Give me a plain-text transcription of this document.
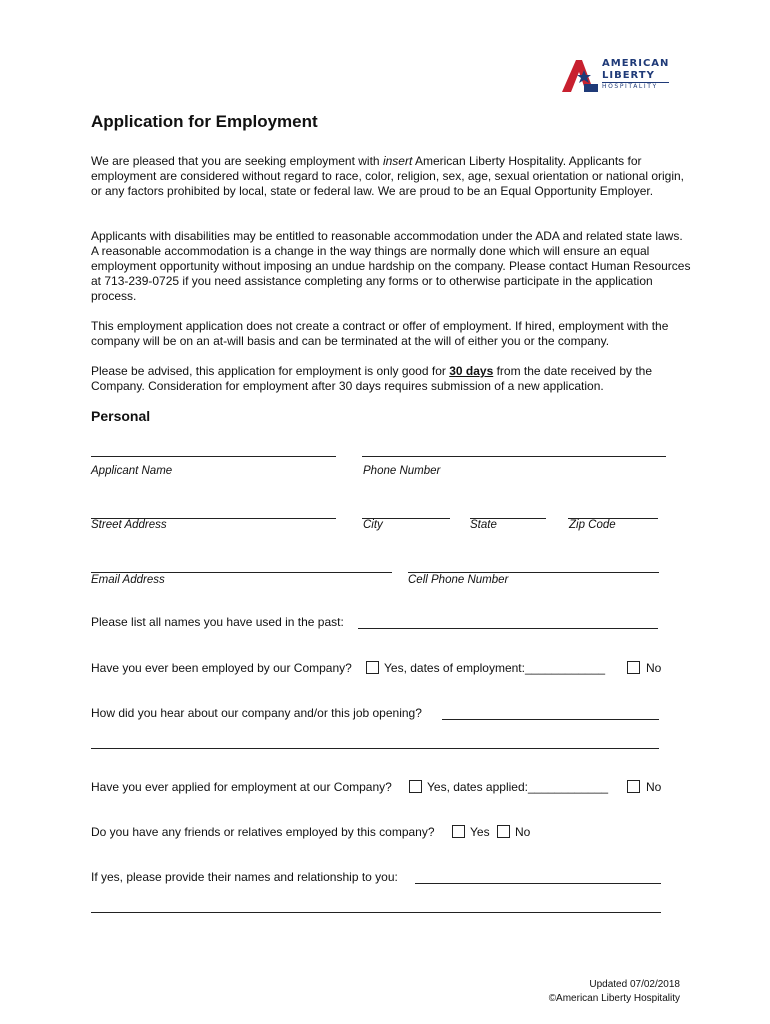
AMERICAN
LIBERTY
HOSPITALITY
Application for Employment
We are pleased that you are seeking employment with insert American Liberty Hospitality. Applicants for employment are considered without regard to race, color, religion, sex, age, sexual orientation or national origin, or any factors prohibited by local, state or federal law. We are proud to be an Equal Opportunity Employer.
Applicants with disabilities may be entitled to reasonable accommodation under the ADA and related state laws. A reasonable accommodation is a change in the way things are normally done which will ensure an equal employment opportunity without imposing an undue hardship on the company. Please contact Human Resources at 713-239-0725 if you need assistance completing any forms or to otherwise participate in the application process.
This employment application does not create a contract or offer of employment. If hired, employment with the company will be on an at-will basis and can be terminated at the will of either you or the company.
Please be advised, this application for employment is only good for 30 days from the date received by the Company. Consideration for employment after 30 days requires submission of a new application.
Personal
Applicant Name	Phone Number
Street Address	City	State	Zip Code
Email Address	Cell Phone Number
Please list all names you have used in the past:
Have you ever been employed by our Company?	Yes, dates of employment:____________	No
How did you hear about our company and/or this job opening?
Have you ever applied for employment at our Company?	Yes, dates applied:____________	No
Do you have any friends or relatives employed by this company?	Yes No
If yes, please provide their names and relationship to you:
Updated 07/02/2018
©American Liberty Hospitality
